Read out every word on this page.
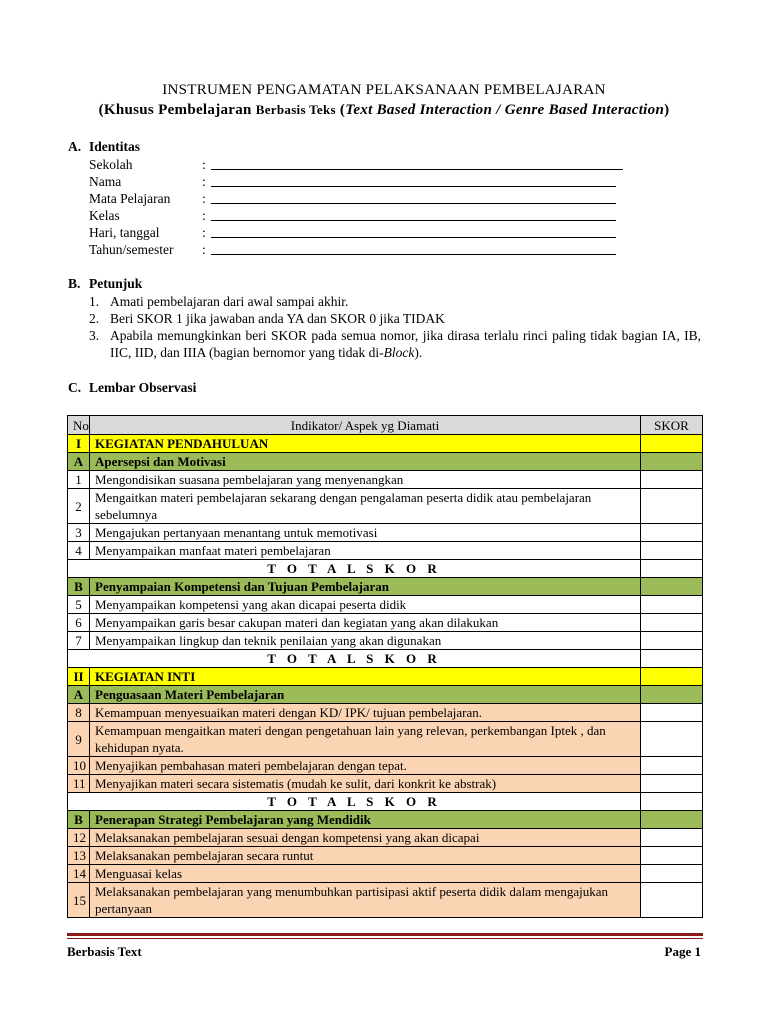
INSTRUMEN PENGAMATAN PELAKSANAAN PEMBELAJARAN
(Khusus Pembelajaran Berbasis Teks (Text Based Interaction / Genre Based Interaction)
A. Identitas
Sekolah	:
Nama	:
Mata Pelajaran :
Kelas	:
Hari, tanggal	:
Tahun/semester :
B. Petunjuk

1. Amati pembelajaran dari awal sampai akhir.

2. Beri SKOR 1 jika jawaban anda YA dan SKOR 0 jika TIDAK

3. Apabila memungkinkan beri SKOR pada semua nomor, jika dirasa terlalu rinci paling tidak bagian IA, IB, IIC, IID, dan IIIA (bagian bernomor yang tidak di-Block).

C. Lembar Observasi
No	Indikator/ Aspek yg Diamati	SKOR
I	KEGIATAN PENDAHULUAN	
A	Apersepsi dan Motivasi	
1	Mengondisikan suasana pembelajaran yang menyenangkan	
2	Mengaitkan materi pembelajaran sekarang dengan pengalaman peserta didik atau pembelajaran sebelumnya	
3	Mengajukan pertanyaan menantang untuk memotivasi	
4	Menyampaikan manfaat materi pembelajaran	
T O T A L S K O R		
B	Penyampaian Kompetensi dan Tujuan Pembelajaran	
5	Menyampaikan kompetensi yang akan dicapai peserta didik	
6	Menyampaikan garis besar cakupan materi dan kegiatan yang akan dilakukan	
7	Menyampaikan lingkup dan teknik penilaian yang akan digunakan	
T O T A L S K O R		
II	KEGIATAN INTI	
A	Penguasaan Materi Pembelajaran	
8	Kemampuan menyesuaikan materi dengan KD/ IPK/ tujuan pembelajaran.	
9	Kemampuan mengaitkan materi dengan pengetahuan lain yang relevan, perkembangan Iptek , dan kehidupan nyata.	
10	Menyajikan pembahasan materi pembelajaran dengan tepat.	
11	Menyajikan materi secara sistematis (mudah ke sulit, dari konkrit ke abstrak)	
T O T A L S K O R		
B	Penerapan Strategi Pembelajaran yang Mendidik	
12	Melaksanakan pembelajaran sesuai dengan kompetensi yang akan dicapai	
13	Melaksanakan pembelajaran secara runtut	
14	Menguasai kelas	
15	Melaksanakan pembelajaran yang menumbuhkan partisipasi aktif peserta didik dalam mengajukan pertanyaan	
Berbasis Text	Page 1
